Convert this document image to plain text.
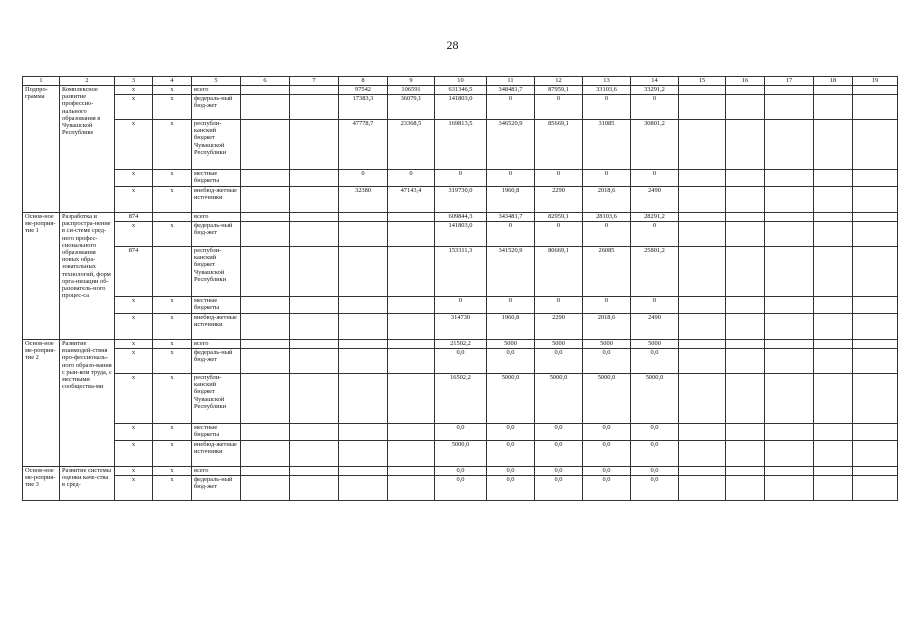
28
1	2	3	4	5	6	7	8	9	10	11	12	13	14	15	16	17	18	19
Подпро-грамма	Комплексное развитие профессио-нального образования в Чувашской Республике	х	х	всего			97542	106591	631346,5	348481,7	87959,1	33103,6	33291,2					
		х	х	федераль-ный бюд-жет			17383,3	36079,1	141803,0	0	0	0	0					
		х	х	республи-канский бюджет Чувашской Республики			47778,7	23368,5	169813,5	346520,9	85669,1	31085	30801,2					
		х	х	местные бюджеты			0	0	0	0	0	0	0					
		х	х	внебюд-жетные источники			32380	47143,4	319730,0	1960,8	2290	2018,6	2490					
Основ-ное ме-роприя-тие 1	Разработка и распростра-нение в си-стеме сред-него профес-сионального образования новых обра-зовательных технологий, форм орга-низации об-разователь-ного процес-са	874		всего					609844,3	343481,7	82959,1	28103,6	28291,2					
		х	х	федераль-ный бюд-жет					141803,0	0	0	0	0					
		874		республи-канский бюджет Чувашской Республики					153311,3	341520,9	80669,1	26085	25801,2					
		х	х	местные бюджеты					0	0	0	0	0					
		х	х	внебюд-жетные источники					314730	1960,8	2290	2018,6	2490					
Основ-ное ме-роприя-тие 2	Развитие взаимодей-ствия про-фессиональ-ного образо-вания с рын-ком труда, с местными сообщества-ми	х	х	всего					21502,2	5000	5000	5000	5000					
		х	х	федераль-ный бюд-жет					0,0	0,0	0,0	0,0	0,0					
		х	х	республи-канский бюджет Чувашской Республики					16502,2	5000,0	5000,0	5000,0	5000,0					
		х	х	местные бюджеты					0,0	0,0	0,0	0,0	0,0					
		х	х	внебюд-жетные источники					5000,0	0,0	0,0	0,0	0,0					
Основ-ное ме-роприя-тие 3	Развитие системы оценки каче-ства в сред-	х	х	всего					0,0	0,0	0,0	0,0	0,0					
		х	х	федераль-ный бюд-жет					0,0	0,0	0,0	0,0	0,0					
